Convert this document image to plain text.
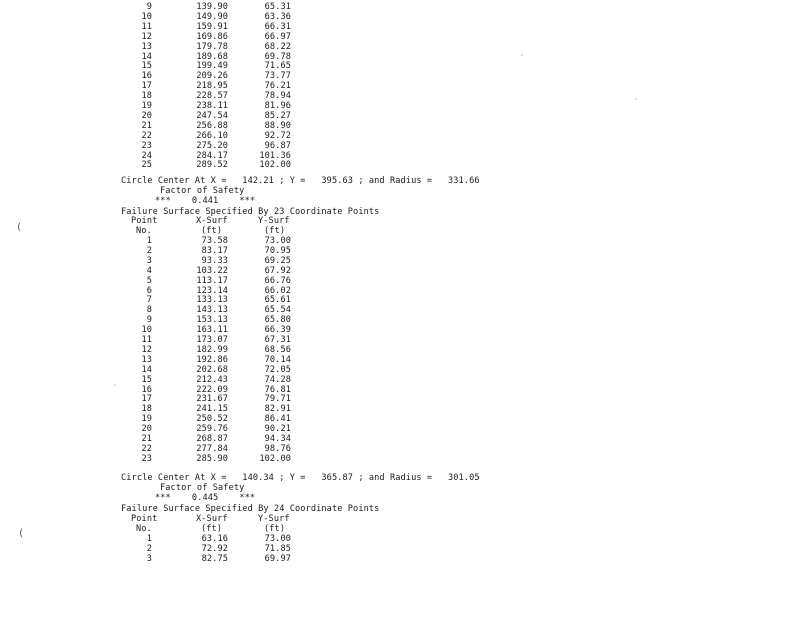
9	139.90	65.31
10	149.90	63.36
11	159.91	66.31
12	169.86	66.97
13	179.78	68.22
14	189.68	69.78
15	199.49	71.65
16	209.26	73.77
17	218.95	76.21
18	228.57	78.94
19	238.11	81.96
20	247.54	85.27
21	256.88	88.90
22	266.10	92.72
23	275.20	96.87
24	284.17	101.36
25	289.52	102.00
Circle Center At X =   142.21 ; Y =   395.63 ; and Radius =   331.66
Factor of Safety
***    0.441    ***
Failure Surface Specified By 23 Coordinate Points
Point	X-Surf	Y-Surf
No.	(ft)	(ft)
1	73.58	73.00
2	83.17	70.95
3	93.33	69.25
4	103.22	67.92
5	113.17	66.76
6	123.14	66.02
7	133.13	65.61
8	143.13	65.54
9	153.13	65.80
10	163.11	66.39
11	173.07	67.31
12	182.99	68.56
13	192.86	70.14
14	202.68	72.05
15	212.43	74.28
16	222.09	76.81
17	231.67	79.71
18	241.15	82.91
19	250.52	86.41
20	259.76	90.21
21	268.87	94.34
22	277.84	98.76
23	285.90	102.00
Circle Center At X =   140.34 ; Y =   365.87 ; and Radius =   301.05
Factor of Safety
***    0.445    ***
Failure Surface Specified By 24 Coordinate Points
Point	X-Surf	Y-Surf
No.	(ft)	(ft)
1	63.16	73.00
2	72.92	71.85
3	82.75	69.97
(
(
·
·
·
